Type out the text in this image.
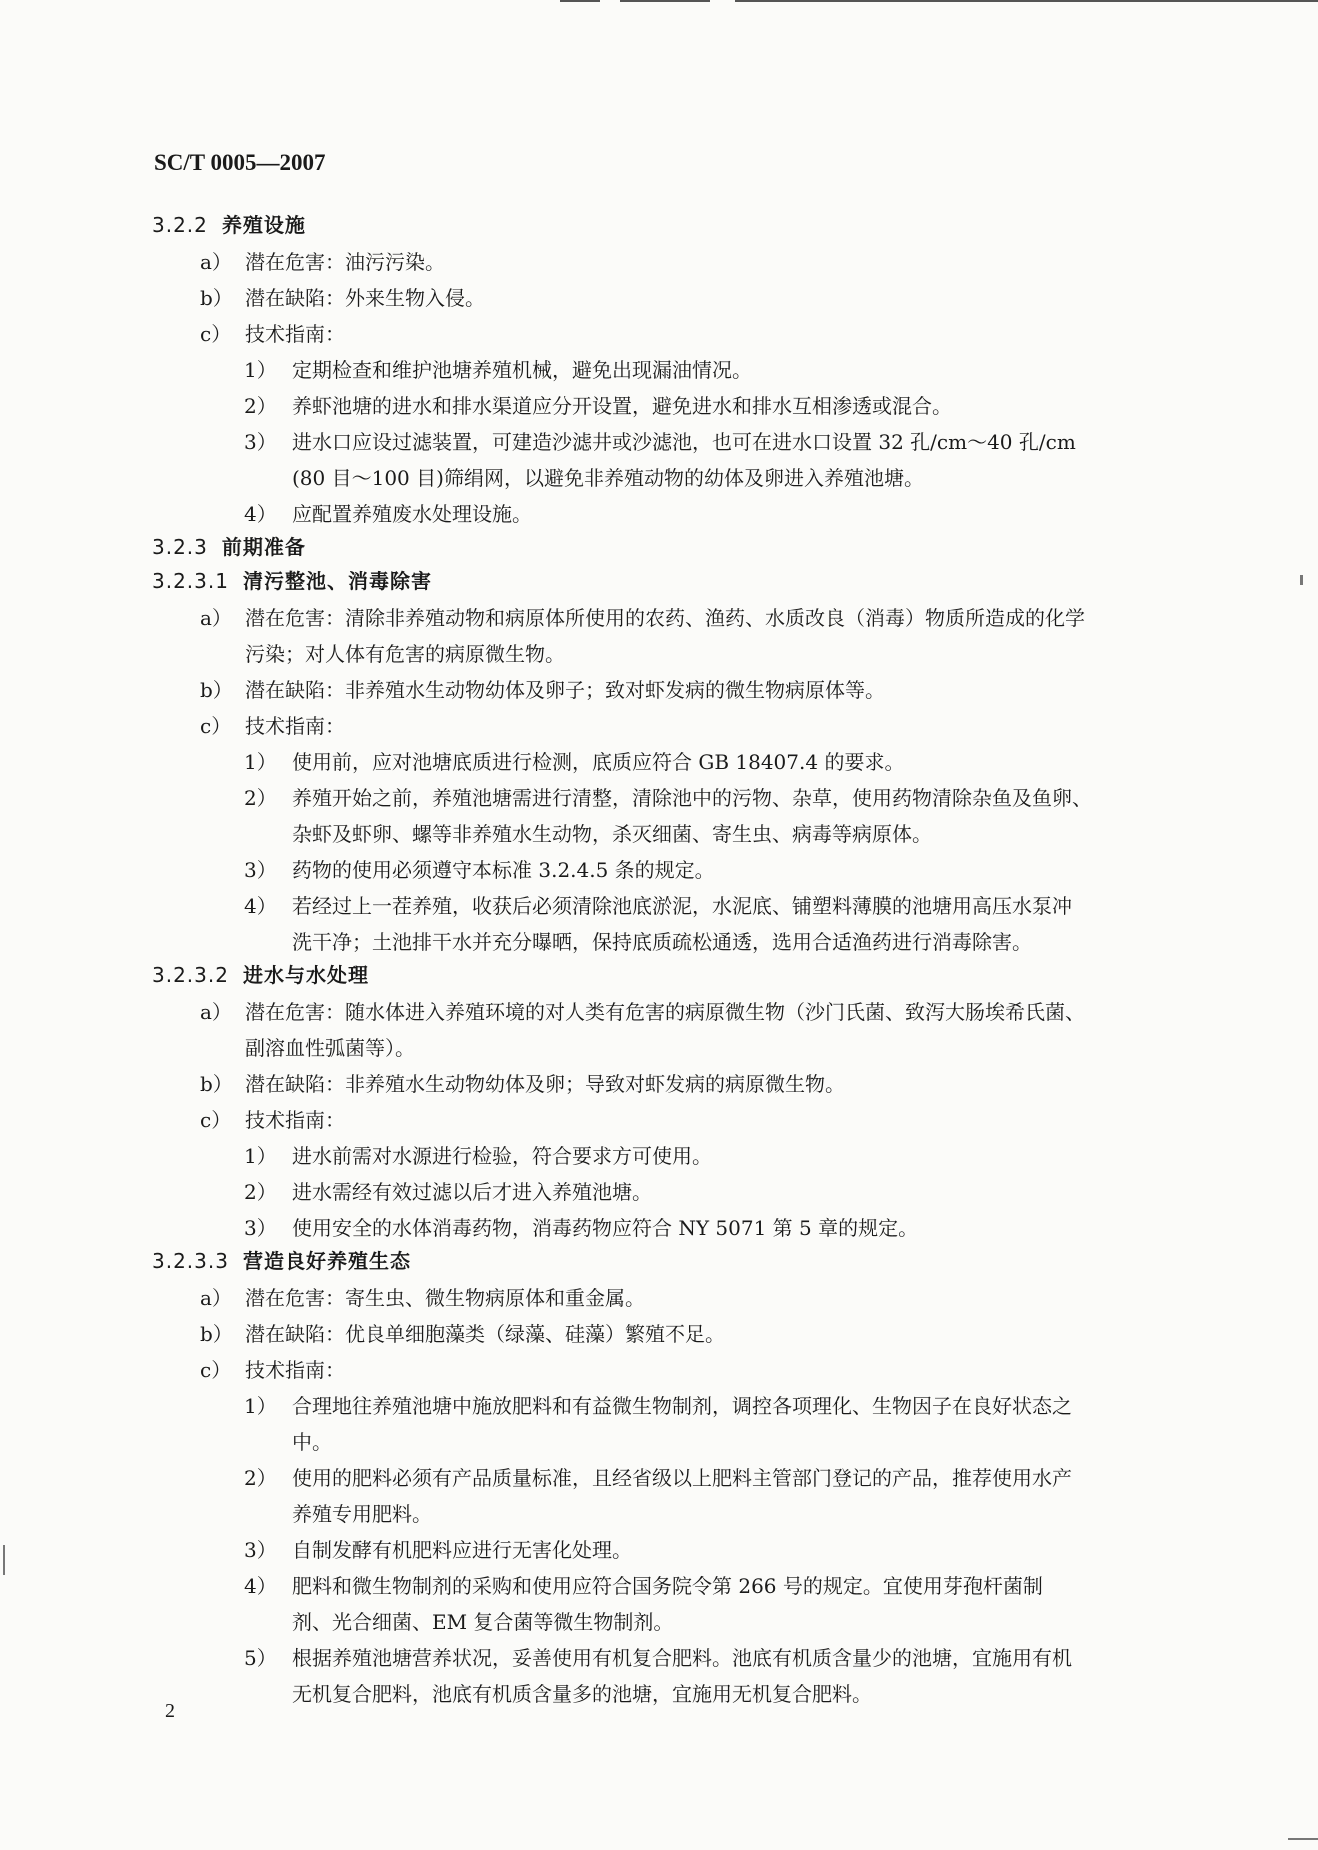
SC/T 0005—2007
3.2.2 养殖设施
a） 潜在危害：油污污染。
b） 潜在缺陷：外来生物入侵。
c） 技术指南：
1） 定期检查和维护池塘养殖机械，避免出现漏油情况。
2） 养虾池塘的进水和排水渠道应分开设置，避免进水和排水互相渗透或混合。
3） 进水口应设过滤装置，可建造沙滤井或沙滤池，也可在进水口设置 32 孔/cm～40 孔/cm
(80 目～100 目)筛绢网，以避免非养殖动物的幼体及卵进入养殖池塘。
4） 应配置养殖废水处理设施。
3.2.3 前期准备
3.2.3.1 清污整池、消毒除害
a） 潜在危害：清除非养殖动物和病原体所使用的农药、渔药、水质改良（消毒）物质所造成的化学
污染；对人体有危害的病原微生物。
b） 潜在缺陷：非养殖水生动物幼体及卵子；致对虾发病的微生物病原体等。
c） 技术指南：
1） 使用前，应对池塘底质进行检测，底质应符合 GB 18407.4 的要求。
2） 养殖开始之前，养殖池塘需进行清整，清除池中的污物、杂草，使用药物清除杂鱼及鱼卵、
杂虾及虾卵、螺等非养殖水生动物，杀灭细菌、寄生虫、病毒等病原体。
3） 药物的使用必须遵守本标准 3.2.4.5 条的规定。
4） 若经过上一茬养殖，收获后必须清除池底淤泥，水泥底、铺塑料薄膜的池塘用高压水泵冲
洗干净；土池排干水并充分曝晒，保持底质疏松通透，选用合适渔药进行消毒除害。
3.2.3.2 进水与水处理
a） 潜在危害：随水体进入养殖环境的对人类有危害的病原微生物（沙门氏菌、致泻大肠埃希氏菌、
副溶血性弧菌等）。
b） 潜在缺陷：非养殖水生动物幼体及卵；导致对虾发病的病原微生物。
c） 技术指南：
1） 进水前需对水源进行检验，符合要求方可使用。
2） 进水需经有效过滤以后才进入养殖池塘。
3） 使用安全的水体消毒药物，消毒药物应符合 NY 5071 第 5 章的规定。
3.2.3.3 营造良好养殖生态
a） 潜在危害：寄生虫、微生物病原体和重金属。
b） 潜在缺陷：优良单细胞藻类（绿藻、硅藻）繁殖不足。
c） 技术指南：
1） 合理地往养殖池塘中施放肥料和有益微生物制剂，调控各项理化、生物因子在良好状态之
中。
2） 使用的肥料必须有产品质量标准，且经省级以上肥料主管部门登记的产品，推荐使用水产
养殖专用肥料。
3） 自制发酵有机肥料应进行无害化处理。
4） 肥料和微生物制剂的采购和使用应符合国务院令第 266 号的规定。宜使用芽孢杆菌制
剂、光合细菌、EM 复合菌等微生物制剂。
5） 根据养殖池塘营养状况，妥善使用有机复合肥料。池底有机质含量少的池塘，宜施用有机
无机复合肥料，池底有机质含量多的池塘，宜施用无机复合肥料。
2
